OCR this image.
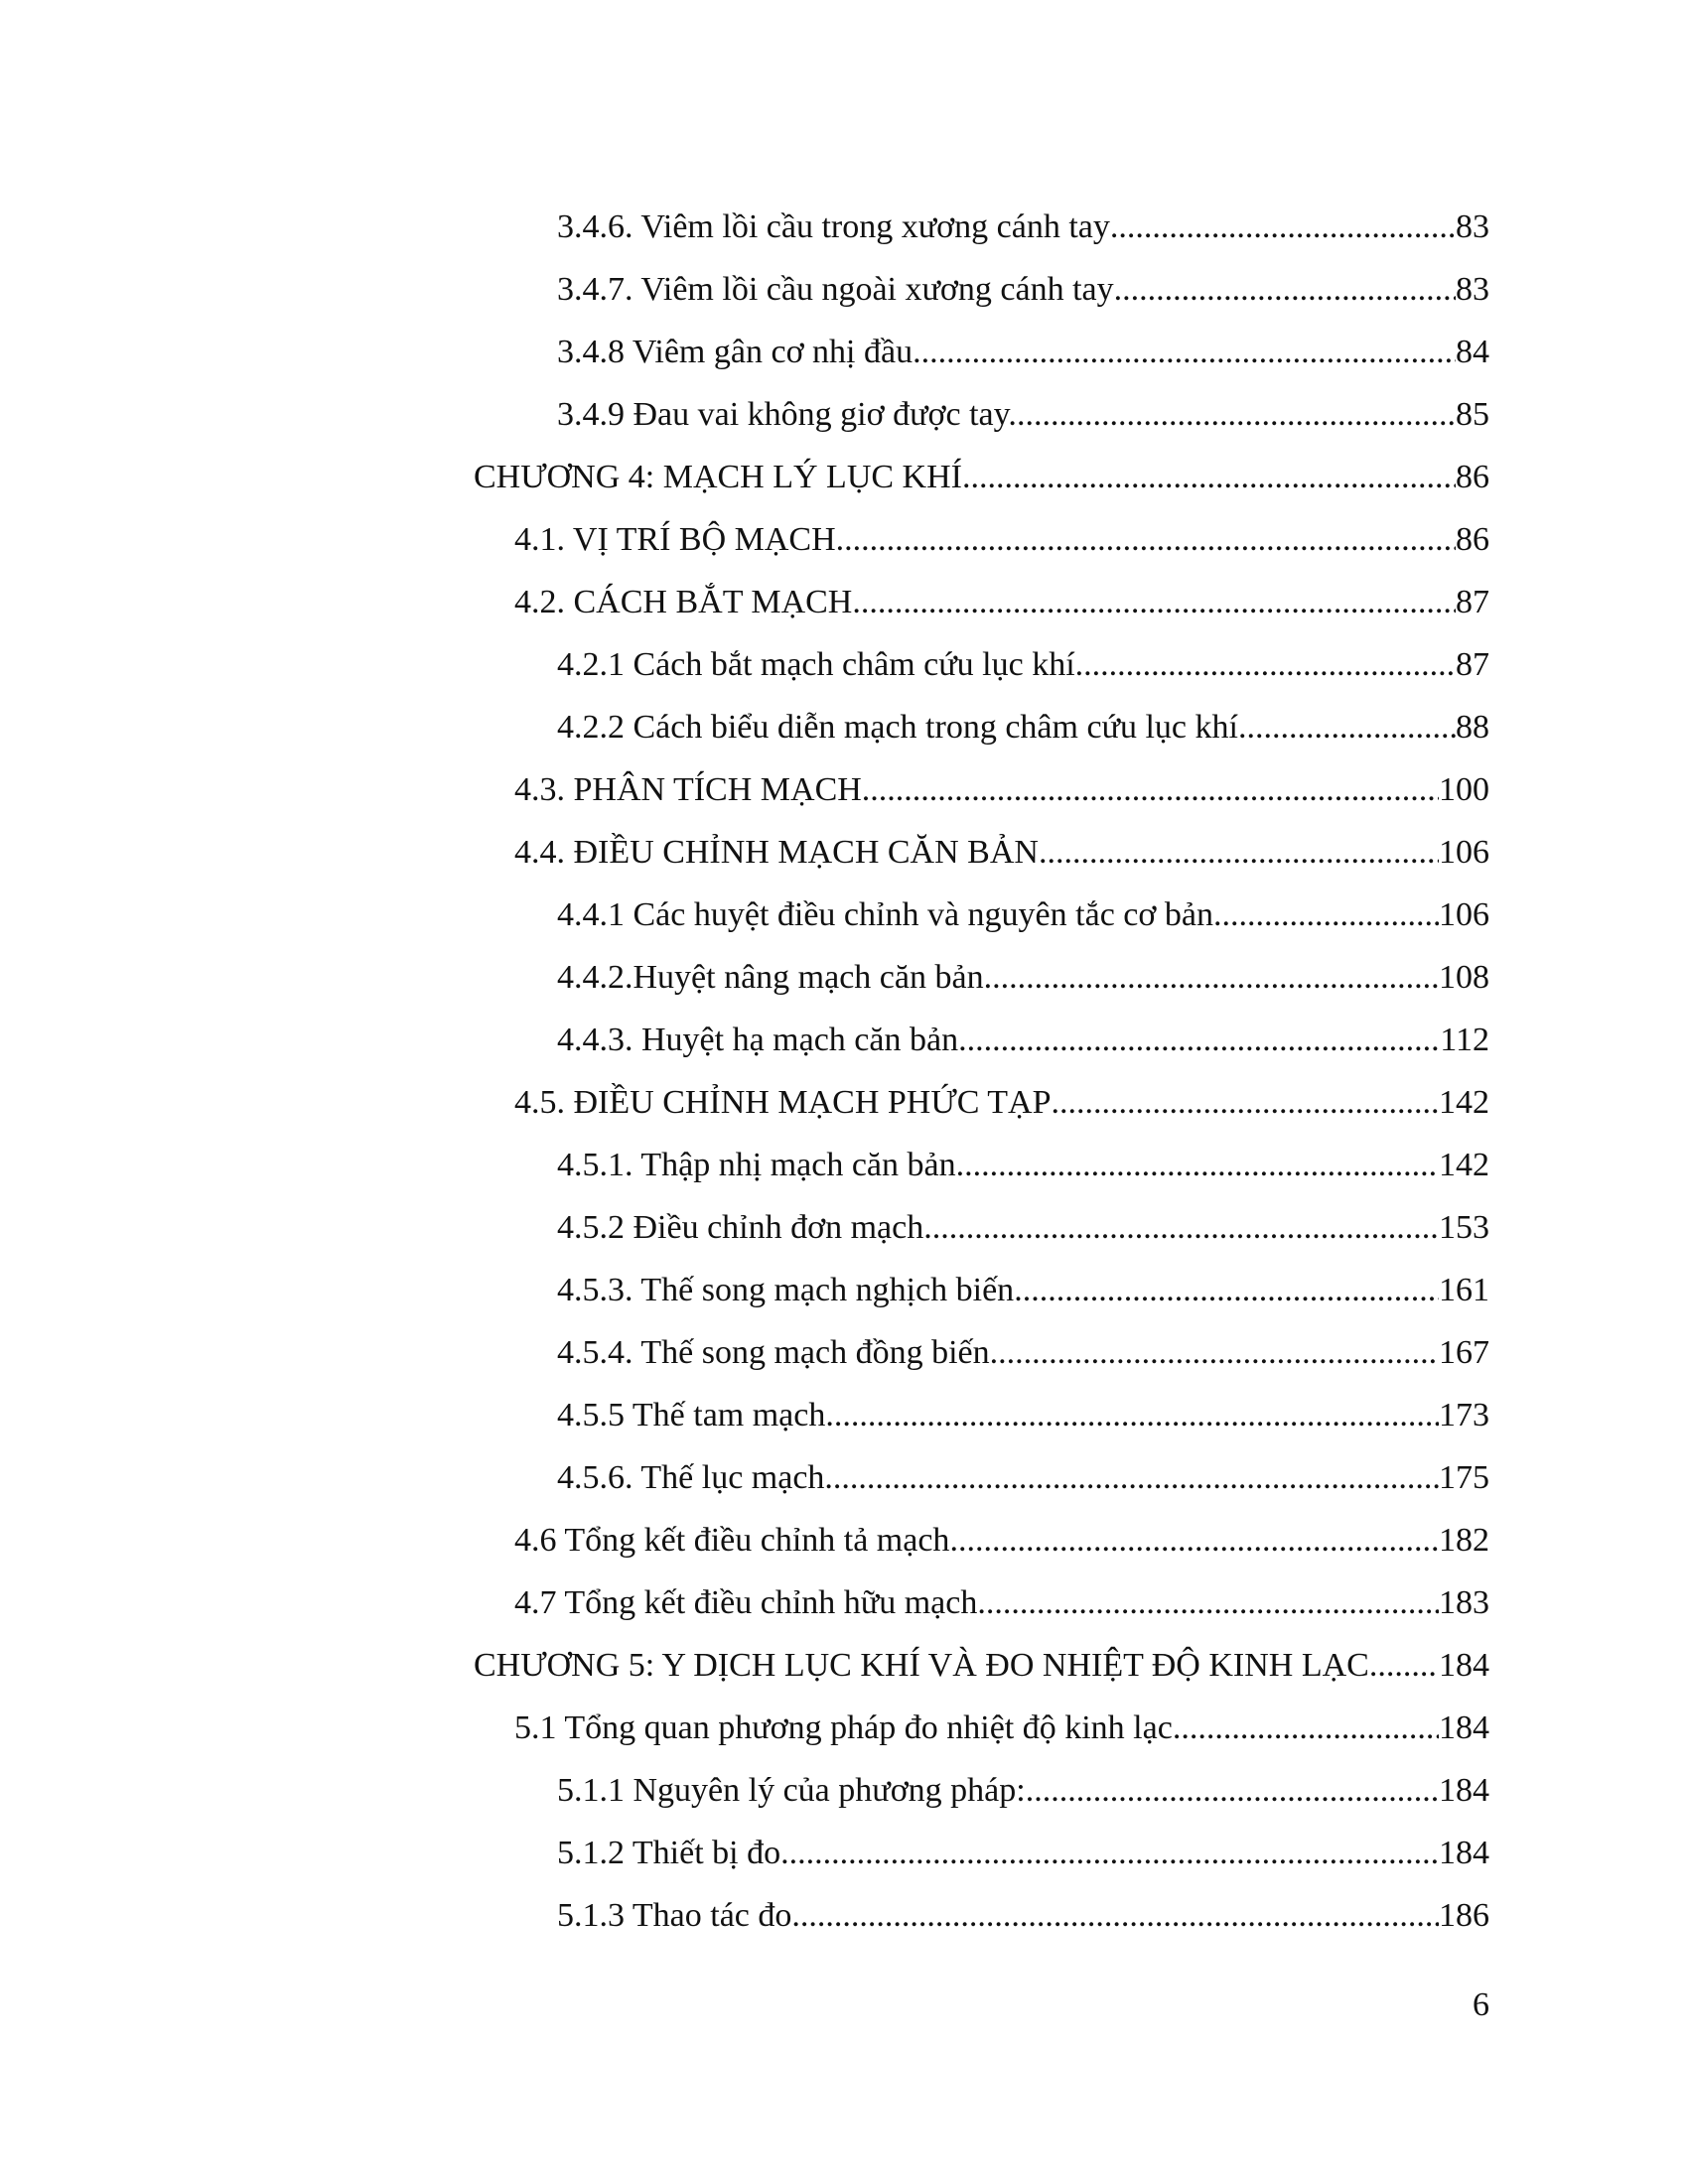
3.4.6. Viêm lồi cầu trong xương cánh tay .....	83
3.4.7. Viêm lồi cầu ngoài xương cánh tay .....	83
3.4.8 Viêm gân cơ nhị đầu .....	84
3.4.9 Đau vai không giơ được tay. .....	85
CHƯƠNG 4: MẠCH LÝ LỤC KHÍ .....	86
4.1. VỊ TRÍ BỘ MẠCH .....	86
4.2. CÁCH BẮT MẠCH .....	87
4.2.1 Cách bắt mạch châm cứu lục khí .....	87
4.2.2 Cách biểu diễn mạch trong châm cứu lục khí .....	88
4.3. PHÂN TÍCH MẠCH .....	100
4.4. ĐIỀU CHỈNH MẠCH CĂN BẢN .....	106
4.4.1 Các huyệt điều chỉnh và nguyên tắc cơ bản .....	106
4.4.2.Huyệt nâng mạch căn bản .....	108
4.4.3. Huyệt hạ mạch căn bản .....	112
4.5. ĐIỀU CHỈNH MẠCH PHỨC TẠP .....	142
4.5.1. Thập nhị mạch căn bản .....	142
4.5.2 Điều chỉnh đơn mạch .....	153
4.5.3. Thế song mạch nghịch biến .....	161
4.5.4. Thế song mạch đồng biến .....	167
4.5.5 Thế tam mạch .....	173
4.5.6. Thế lục mạch .....	175
4.6 Tổng kết điều chỉnh tả mạch .....	182
4.7 Tổng kết điều chỉnh hữu mạch .....	183
CHƯƠNG 5: Y DỊCH LỤC KHÍ VÀ ĐO NHIỆT ĐỘ KINH LẠC ..... 184
5.1 Tổng quan phương pháp đo nhiệt độ kinh lạc .....	184
5.1.1 Nguyên lý của phương pháp: .....	184
5.1.2 Thiết bị đo .....	184
5.1.3 Thao tác đo .....	186
6
